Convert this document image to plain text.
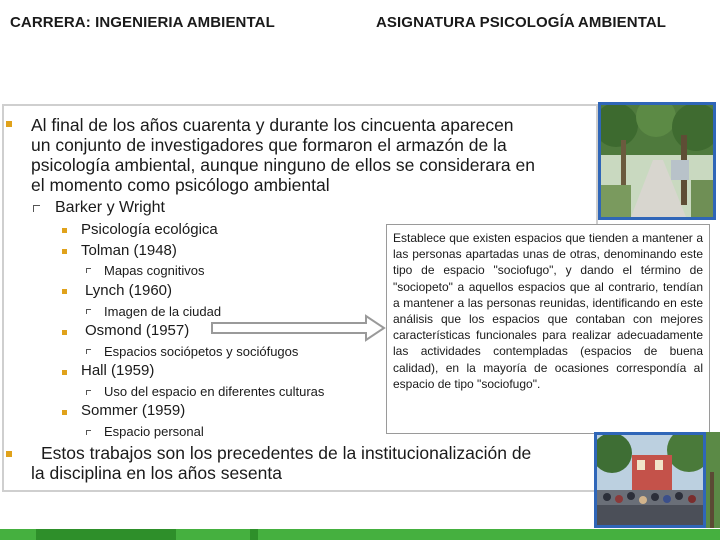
CARRERA: INGENIERIA AMBIENTAL	ASIGNATURA PSICOLOGÍA AMBIENTAL
Al final de los años cuarenta y durante los cincuenta aparecen
un conjunto de investigadores que formaron el armazón de la
psicología ambiental, aunque ninguno de ellos se considerara en
el momento como psicólogo ambiental
Barker y Wright
Psicología ecológica
Tolman (1948)
Mapas cognitivos
Lynch (1960)
Imagen de la ciudad
Osmond (1957)
Espacios sociópetos y sociófugos
Hall (1959)
Uso del espacio en diferentes culturas
Sommer (1959)
Espacio personal
Estos trabajos son los precedentes de la institucionalización de
la disciplina en los años sesenta
Establece que existen espacios que tienden a mantener a las personas apartadas unas de otras, denominando este tipo de espacio "sociofugo", y dando el término de "sociopeto" a aquellos espacios que al contrario, tendían a mantener a las personas reunidas, identificando en este análisis que los espacios que contaban con mejores características funcionales para realizar adecuadamente las actividades contempladas (espacios de buena calidad), en la mayoría de ocasiones correspondía al espacio de tipo "sociofugo".
